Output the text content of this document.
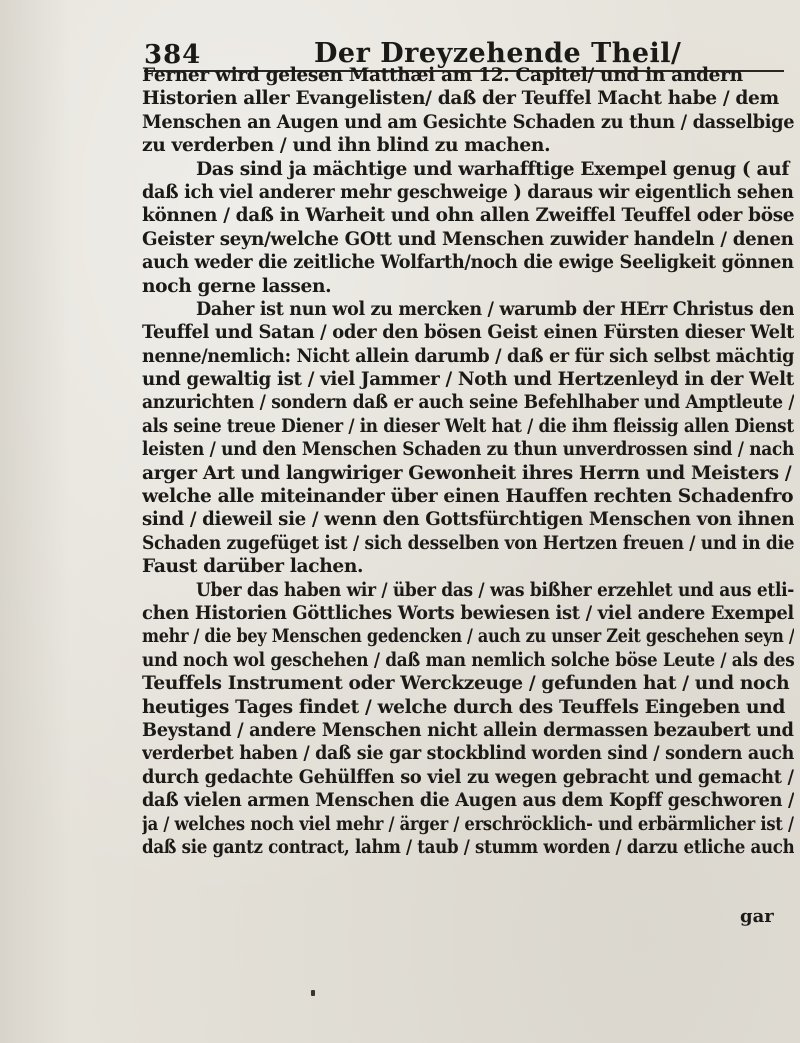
384	Der Dreyzehende Theil/
Ferner wird gelesen Matthæi am 12. Capitel/ und in andern
Historien aller Evangelisten/ daß der Teuffel Macht habe / dem
Menschen an Augen und am Gesichte Schaden zu thun / dasselbige
zu verderben / und ihn blind zu machen.
Das sind ja mächtige und warhafftige Exempel genug ( auf
daß ich viel anderer mehr geschweige ) daraus wir eigentlich sehen
können / daß in Warheit und ohn allen Zweiffel Teuffel oder böse
Geister seyn/welche GOtt und Menschen zuwider handeln / denen
auch weder die zeitliche Wolfarth/noch die ewige Seeligkeit gönnen
noch gerne lassen.
Daher ist nun wol zu mercken / warumb der HErr Christus den
Teuffel und Satan / oder den bösen Geist einen Fürsten dieser Welt
nenne/nemlich: Nicht allein darumb / daß er für sich selbst mächtig
und gewaltig ist / viel Jammer / Noth und Hertzenleyd in der Welt
anzurichten / sondern daß er auch seine Befehlhaber und Amptleute /
als seine treue Diener / in dieser Welt hat / die ihm fleissig allen Dienst
leisten / und den Menschen Schaden zu thun unverdrossen sind / nach
arger Art und langwiriger Gewonheit ihres Herrn und Meisters /
welche alle miteinander über einen Hauffen rechten Schadenfro
sind / dieweil sie / wenn den Gottsfürchtigen Menschen von ihnen
Schaden zugefüget ist / sich desselben von Hertzen freuen / und in die
Faust darüber lachen.
Uber das haben wir / über das / was bißher erzehlet und aus etli-
chen Historien Göttliches Worts bewiesen ist / viel andere Exempel
mehr / die bey Menschen gedencken / auch zu unser Zeit geschehen seyn /
und noch wol geschehen / daß man nemlich solche böse Leute / als des
Teuffels Instrument oder Werckzeuge / gefunden hat / und noch
heutiges Tages findet / welche durch des Teuffels Eingeben und
Beystand / andere Menschen nicht allein dermassen bezaubert und
verderbet haben / daß sie gar stockblind worden sind / sondern auch
durch gedachte Gehülffen so viel zu wegen gebracht und gemacht /
daß vielen armen Menschen die Augen aus dem Kopff geschworen /
ja / welches noch viel mehr / ärger / erschröcklich- und erbärmlicher ist /
daß sie gantz contract, lahm / taub / stumm worden / darzu etliche auch
gar
